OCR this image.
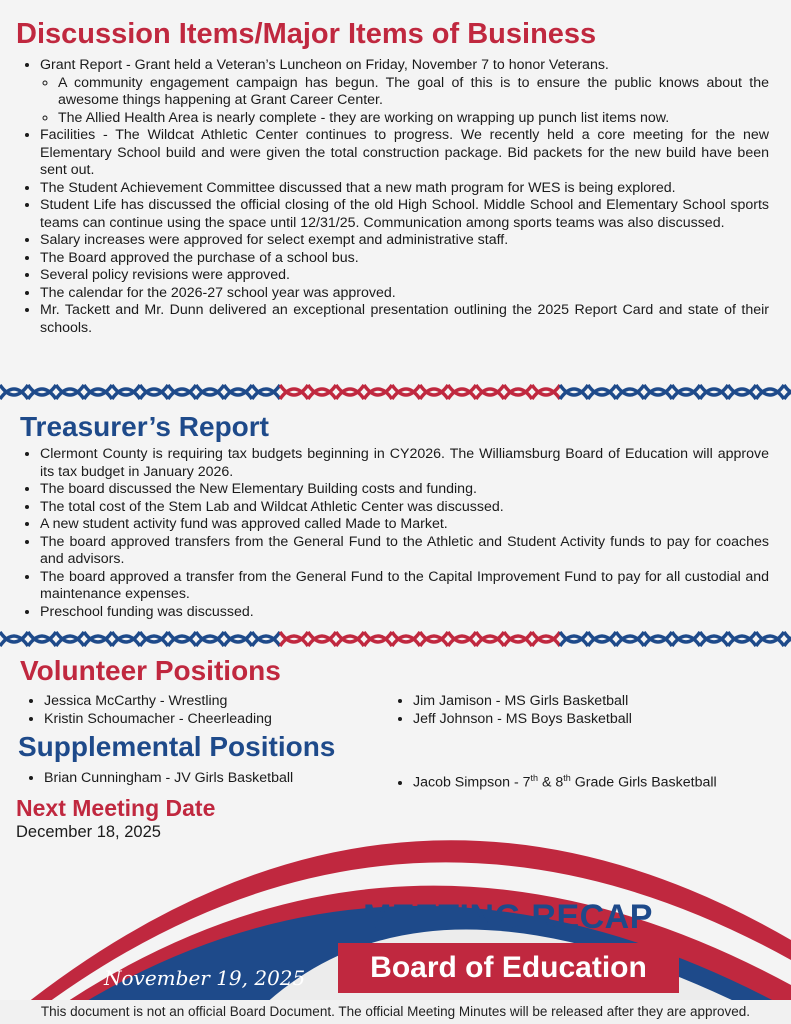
Discussion Items/Major Items of Business
• Grant Report - Grant held a Veteran’s Luncheon on Friday, November 7 to honor Veterans.
◦ A community engagement campaign has begun. The goal of this is to ensure the public knows about the awesome things happening at Grant Career Center.
◦ The Allied Health Area is nearly complete - they are working on wrapping up punch list items now.
• Facilities - The Wildcat Athletic Center continues to progress. We recently held a core meeting for the new Elementary School build and were given the total construction package. Bid packets for the new build have been sent out.
• The Student Achievement Committee discussed that a new math program for WES is being explored.
• Student Life has discussed the official closing of the old High School. Middle School and Elementary School sports teams can continue using the space until 12/31/25. Communication among sports teams was also discussed.
• Salary increases were approved for select exempt and administrative staff.
• The Board approved the purchase of a school bus.
• Several policy revisions were approved.
• The calendar for the 2026-27 school year was approved.
• Mr. Tackett and Mr. Dunn delivered an exceptional presentation outlining the 2025 Report Card and state of their schools.
Treasurer’s Report
• Clermont County is requiring tax budgets beginning in CY2026. The Williamsburg Board of Education will approve its tax budget in January 2026.
• The board discussed the New Elementary Building costs and funding.
• The total cost of the Stem Lab and Wildcat Athletic Center was discussed.
• A new student activity fund was approved called Made to Market.
• The board approved transfers from the General Fund to the Athletic and Student Activity funds to pay for coaches and advisors.
• The board approved a transfer from the General Fund to the Capital Improvement Fund to pay for all custodial and maintenance expenses.
• Preschool funding was discussed.
Volunteer Positions
• Jessica McCarthy - Wrestling
• Kristin Schoumacher - Cheerleading
• Jim Jamison - MS Girls Basketball
• Jeff Johnson - MS Boys Basketball
Supplemental Positions
• Brian Cunningham - JV Girls Basketball
•	Jacob Simpson - 7th & 8th Grade Girls Basketball
Next Meeting Date
December 18, 2025
MEETING RECAP
Board of Education
November 19, 2025
This document is not an official Board Document. The official Meeting Minutes will be released after they are approved.
